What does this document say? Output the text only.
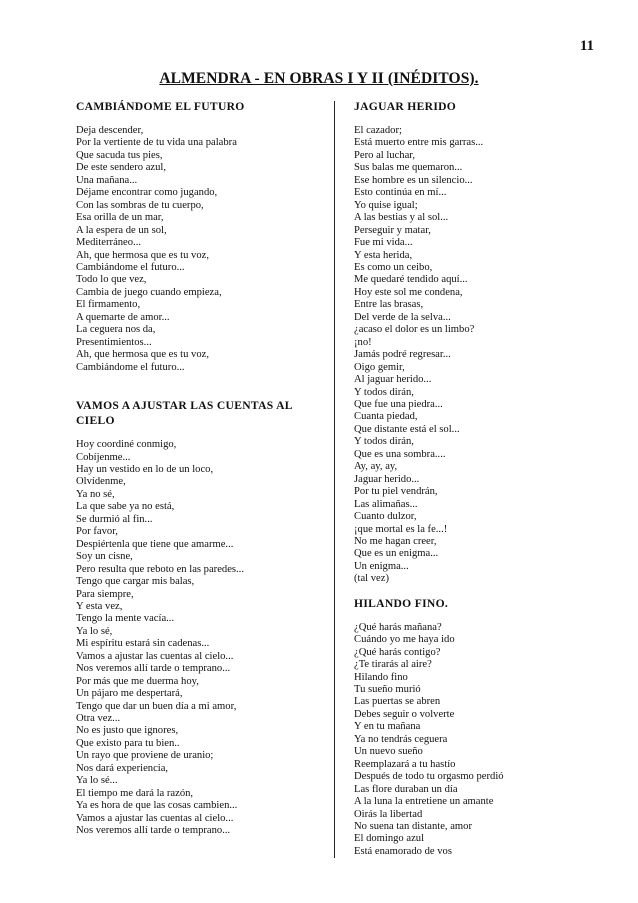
11
ALMENDRA - EN OBRAS I Y II (INÉDITOS).
CAMBIÁNDOME EL FUTURO
Deja descender,
Por la vertiente de tu vida una palabra
Que sacuda tus pies,
De este sendero azul,
Una mañana...
Déjame encontrar como jugando,
Con las sombras de tu cuerpo,
Esa orilla de un mar,
A la espera de un sol,
Mediterráneo...
Ah, que hermosa que es tu voz,
Cambiándome el futuro...
Todo lo que vez,
Cambia de juego cuando empieza,
El firmamento,
A quemarte de amor...
La ceguera nos da,
Presentimientos...
Ah, que hermosa que es tu voz,
Cambiándome el futuro...
VAMOS A AJUSTAR LAS CUENTAS AL CIELO
Hoy coordiné conmigo,
Cobíjenme...
Hay un vestido en lo de un loco,
Olvídenme,
Ya no sé,
La que sabe ya no está,
Se durmió al fin...
Por favor,
Despiértenla que tiene que amarme...
Soy un cisne,
Pero resulta que reboto en las paredes...
Tengo que cargar mis balas,
Para siempre,
Y esta vez,
Tengo la mente vacía...
Ya lo sé,
Mi espíritu estará sin cadenas...
Vamos a ajustar las cuentas al cielo...
Nos veremos allí tarde o temprano...
Por más que me duerma hoy,
Un pájaro me despertará,
Tengo que dar un buen día a mi amor,
Otra vez...
No es justo que ignores,
Que existo para tu bien..
Un rayo que proviene de uranio;
Nos dará experiencia,
Ya lo sé...
El tiempo me dará la razón,
Ya es hora de que las cosas cambien...
Vamos a ajustar las cuentas al cielo...
Nos veremos allí tarde o temprano...
JAGUAR HERIDO
El cazador;
Está muerto entre mis garras...
Pero al luchar,
Sus balas me quemaron...
Ese hombre es un silencio...
Esto continúa en mí...
Yo quise igual;
A las bestias y al sol...
Perseguir y matar,
Fue mi vida...
Y esta herida,
Es como un ceibo,
Me quedaré tendido aquí...
Hoy este sol me condena,
Entre las brasas,
Del verde de la selva...
¿acaso el dolor es un limbo?
¡no!
Jamás podré regresar...
Oigo gemir,
Al jaguar herido...
Y todos dirán,
Que fue una piedra...
Cuanta piedad,
Que distante está el sol...
Y todos dirán,
Que es una sombra....
Ay, ay, ay,
Jaguar herido...
Por tu piel vendrán,
Las alimañas...
Cuanto dulzor,
¡que mortal es la fe...!
No me hagan creer,
Que es un enigma...
Un enigma...
(tal vez)
HILANDO FINO.
¿Qué harás mañana?
Cuándo yo me haya ido
¿Qué harás contigo?
¿Te tirarás al aire?
Hilando fino
Tu sueño murió
Las puertas se abren
Debes seguir o volverte
Y en tu mañana
Ya no tendrás ceguera
Un nuevo sueño
Reemplazará a tu hastío
Después de todo tu orgasmo perdió
Las flore duraban un día
A la luna la entretiene un amante
Oirás la libertad
No suena tan distante, amor
El domingo azul
Está enamorado de vos
